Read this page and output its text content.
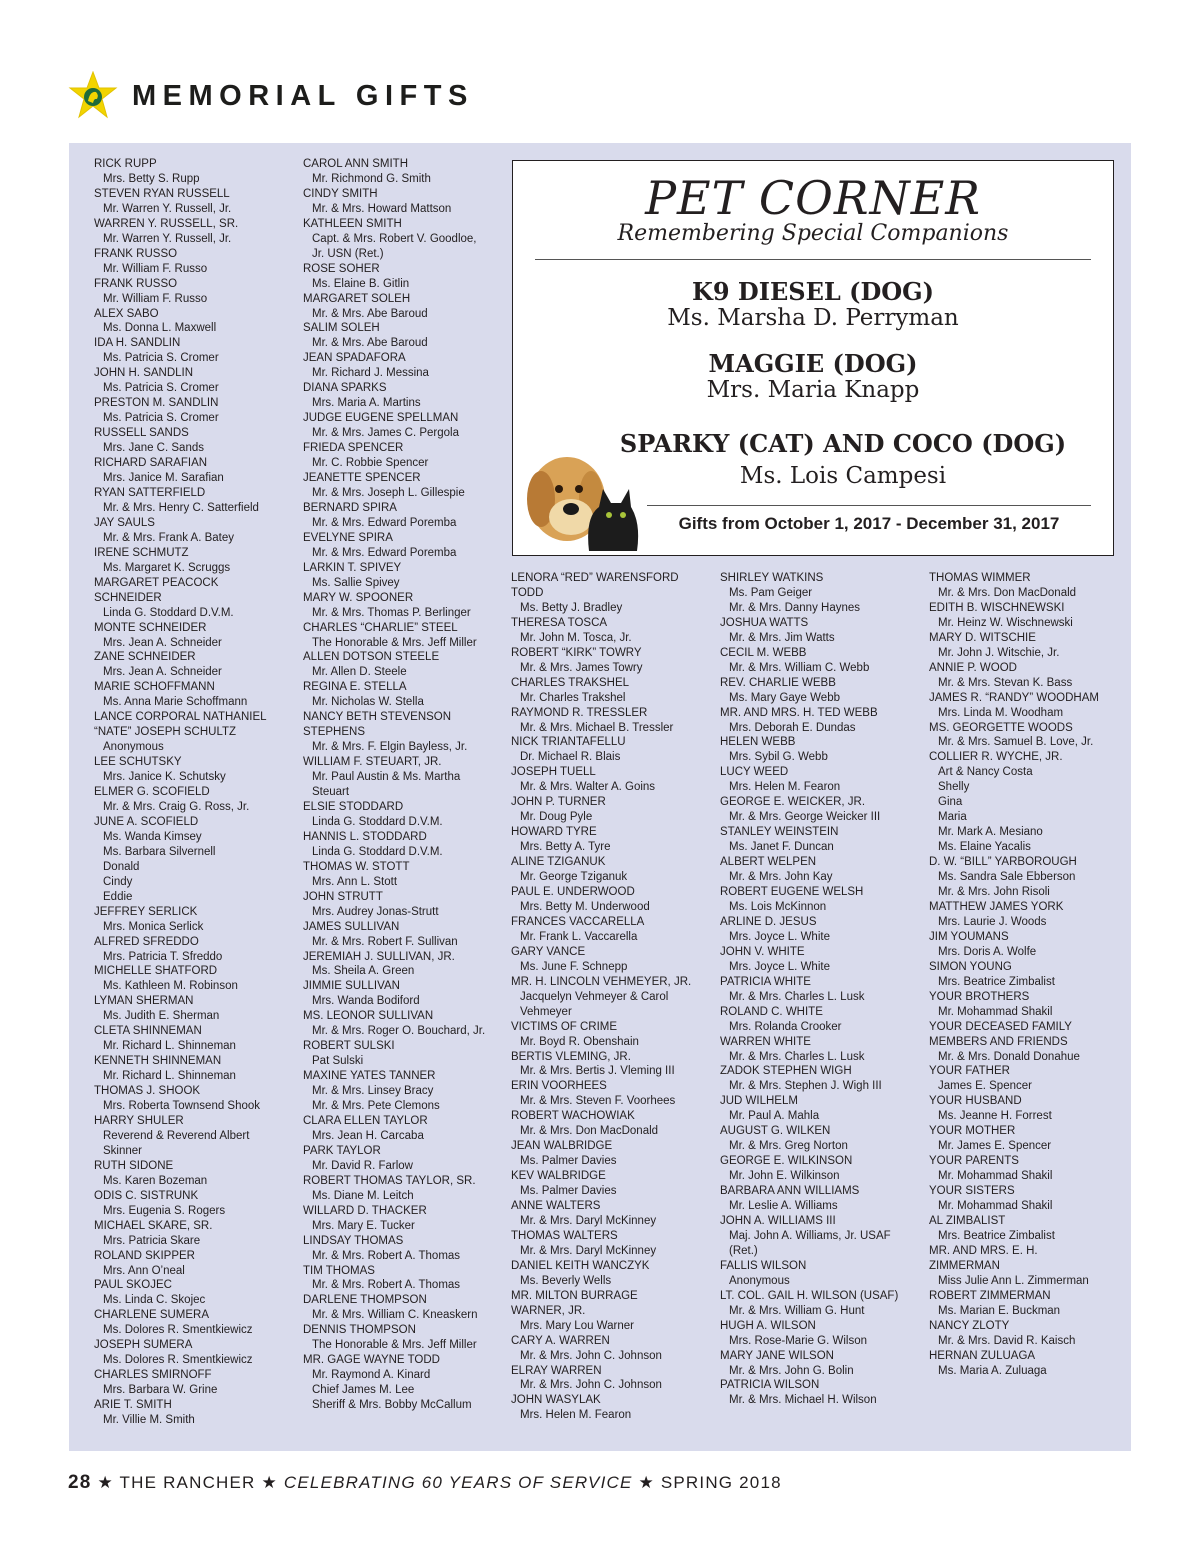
MEMORIAL GIFTS
RICK RUPP
Mrs. Betty S. Rupp
STEVEN RYAN RUSSELL
Mr. Warren Y. Russell, Jr.
WARREN Y. RUSSELL, SR.
Mr. Warren Y. Russell, Jr.
FRANK RUSSO
Mr. William F. Russo
FRANK RUSSO
Mr. William F. Russo
ALEX SABO
Ms. Donna L. Maxwell
IDA H. SANDLIN
Ms. Patricia S. Cromer
JOHN H. SANDLIN
Ms. Patricia S. Cromer
PRESTON M. SANDLIN
Ms. Patricia S. Cromer
RUSSELL SANDS
Mrs. Jane C. Sands
RICHARD SARAFIAN
Mrs. Janice M. Sarafian
RYAN SATTERFIELD
Mr. & Mrs. Henry C. Satterfield
JAY SAULS
Mr. & Mrs. Frank A. Batey
IRENE SCHMUTZ
Ms. Margaret K. Scruggs
MARGARET PEACOCK
SCHNEIDER
Linda G. Stoddard D.V.M.
MONTE SCHNEIDER
Mrs. Jean A. Schneider
ZANE SCHNEIDER
Mrs. Jean A. Schneider
MARIE SCHOFFMANN
Ms. Anna Marie Schoffmann
LANCE CORPORAL NATHANIEL
“NATE” JOSEPH SCHULTZ
Anonymous
LEE SCHUTSKY
Mrs. Janice K. Schutsky
ELMER G. SCOFIELD
Mr. & Mrs. Craig G. Ross, Jr.
JUNE A. SCOFIELD
Ms. Wanda Kimsey
Ms. Barbara Silvernell
Donald
Cindy
Eddie
JEFFREY SERLICK
Mrs. Monica Serlick
ALFRED SFREDDO
Mrs. Patricia T. Sfreddo
MICHELLE SHATFORD
Ms. Kathleen M. Robinson
LYMAN SHERMAN
Ms. Judith E. Sherman
CLETA SHINNEMAN
Mr. Richard L. Shinneman
KENNETH SHINNEMAN
Mr. Richard L. Shinneman
THOMAS J. SHOOK
Mrs. Roberta Townsend Shook
HARRY SHULER
Reverend & Reverend Albert
Skinner
RUTH SIDONE
Ms. Karen Bozeman
ODIS C. SISTRUNK
Mrs. Eugenia S. Rogers
MICHAEL SKARE, SR.
Mrs. Patricia Skare
ROLAND SKIPPER
Mrs. Ann O’neal
PAUL SKOJEC
Ms. Linda C. Skojec
CHARLENE SUMERA
Ms. Dolores R. Smentkiewicz
JOSEPH SUMERA
Ms. Dolores R. Smentkiewicz
CHARLES SMIRNOFF
Mrs. Barbara W. Grine
ARIE T. SMITH
Mr. Villie M. Smith
CAROL ANN SMITH
Mr. Richmond G. Smith
CINDY SMITH
Mr. & Mrs. Howard Mattson
KATHLEEN SMITH
Capt. & Mrs. Robert V. Goodloe,
Jr. USN (Ret.)
ROSE SOHER
Ms. Elaine B. Gitlin
MARGARET SOLEH
Mr. & Mrs. Abe Baroud
SALIM SOLEH
Mr. & Mrs. Abe Baroud
JEAN SPADAFORA
Mr. Richard J. Messina
DIANA SPARKS
Mrs. Maria A. Martins
JUDGE EUGENE SPELLMAN
Mr. & Mrs. James C. Pergola
FRIEDA SPENCER
Mr. C. Robbie Spencer
JEANETTE SPENCER
Mr. & Mrs. Joseph L. Gillespie
BERNARD SPIRA
Mr. & Mrs. Edward Poremba
EVELYNE SPIRA
Mr. & Mrs. Edward Poremba
LARKIN T. SPIVEY
Ms. Sallie Spivey
MARY W. SPOONER
Mr. & Mrs. Thomas P. Berlinger
CHARLES “CHARLIE” STEEL
The Honorable & Mrs. Jeff Miller
ALLEN DOTSON STEELE
Mr. Allen D. Steele
REGINA E. STELLA
Mr. Nicholas W. Stella
NANCY BETH STEVENSON
STEPHENS
Mr. & Mrs. F. Elgin Bayless, Jr.
WILLIAM F. STEUART, JR.
Mr. Paul Austin & Ms. Martha
Steuart
ELSIE STODDARD
Linda G. Stoddard D.V.M.
HANNIS L. STODDARD
Linda G. Stoddard D.V.M.
THOMAS W. STOTT
Mrs. Ann L. Stott
JOHN STRUTT
Mrs. Audrey Jonas-Strutt
JAMES SULLIVAN
Mr. & Mrs. Robert F. Sullivan
JEREMIAH J. SULLIVAN, JR.
Ms. Sheila A. Green
JIMMIE SULLIVAN
Mrs. Wanda Bodiford
MS. LEONOR SULLIVAN
Mr. & Mrs. Roger O. Bouchard, Jr.
ROBERT SULSKI
Pat Sulski
MAXINE YATES TANNER
Mr. & Mrs. Linsey Bracy
Mr. & Mrs. Pete Clemons
CLARA ELLEN TAYLOR
Mrs. Jean H. Carcaba
PARK TAYLOR
Mr. David R. Farlow
ROBERT THOMAS TAYLOR, SR.
Ms. Diane M. Leitch
WILLARD D. THACKER
Mrs. Mary E. Tucker
LINDSAY THOMAS
Mr. & Mrs. Robert A. Thomas
TIM THOMAS
Mr. & Mrs. Robert A. Thomas
DARLENE THOMPSON
Mr. & Mrs. William C. Kneaskern
DENNIS THOMPSON
The Honorable & Mrs. Jeff Miller
MR. GAGE WAYNE TODD
Mr. Raymond A. Kinard
Chief James M. Lee
Sheriff & Mrs. Bobby McCallum
LENORA “RED” WARENSFORD
TODD
Ms. Betty J. Bradley
THERESA TOSCA
Mr. John M. Tosca, Jr.
ROBERT “KIRK” TOWRY
Mr. & Mrs. James Towry
CHARLES TRAKSHEL
Mr. Charles Trakshel
RAYMOND R. TRESSLER
Mr. & Mrs. Michael B. Tressler
NICK TRIANTAFELLU
Dr. Michael R. Blais
JOSEPH TUELL
Mr. & Mrs. Walter A. Goins
JOHN P. TURNER
Mr. Doug Pyle
HOWARD TYRE
Mrs. Betty A. Tyre
ALINE TZIGANUK
Mr. George Tziganuk
PAUL E. UNDERWOOD
Mrs. Betty M. Underwood
FRANCES VACCARELLA
Mr. Frank L. Vaccarella
GARY VANCE
Ms. June F. Schnepp
MR. H. LINCOLN VEHMEYER, JR.
Jacquelyn Vehmeyer & Carol
Vehmeyer
VICTIMS OF CRIME
Mr. Boyd R. Obenshain
BERTIS VLEMING, JR.
Mr. & Mrs. Bertis J. Vleming III
ERIN VOORHEES
Mr. & Mrs. Steven F. Voorhees
ROBERT WACHOWIAK
Mr. & Mrs. Don MacDonald
JEAN WALBRIDGE
Ms. Palmer Davies
KEV WALBRIDGE
Ms. Palmer Davies
ANNE WALTERS
Mr. & Mrs. Daryl McKinney
THOMAS WALTERS
Mr. & Mrs. Daryl McKinney
DANIEL KEITH WANCZYK
Ms. Beverly Wells
MR. MILTON BURRAGE
WARNER, JR.
Mrs. Mary Lou Warner
CARY A. WARREN
Mr. & Mrs. John C. Johnson
ELRAY WARREN
Mr. & Mrs. John C. Johnson
JOHN WASYLAK
Mrs. Helen M. Fearon
SHIRLEY WATKINS
Ms. Pam Geiger
Mr. & Mrs. Danny Haynes
JOSHUA WATTS
Mr. & Mrs. Jim Watts
CECIL M. WEBB
Mr. & Mrs. William C. Webb
REV. CHARLIE WEBB
Ms. Mary Gaye Webb
MR. AND MRS. H. TED WEBB
Mrs. Deborah E. Dundas
HELEN WEBB
Mrs. Sybil G. Webb
LUCY WEED
Mrs. Helen M. Fearon
GEORGE E. WEICKER, JR.
Mr. & Mrs. George Weicker III
STANLEY WEINSTEIN
Ms. Janet F. Duncan
ALBERT WELPEN
Mr. & Mrs. John Kay
ROBERT EUGENE WELSH
Ms. Lois McKinnon
ARLINE D. JESUS
Mrs. Joyce L. White
JOHN V. WHITE
Mrs. Joyce L. White
PATRICIA WHITE
Mr. & Mrs. Charles L. Lusk
ROLAND C. WHITE
Mrs. Rolanda Crooker
WARREN WHITE
Mr. & Mrs. Charles L. Lusk
ZADOK STEPHEN WIGH
Mr. & Mrs. Stephen J. Wigh III
JUD WILHELM
Mr. Paul A. Mahla
AUGUST G. WILKEN
Mr. & Mrs. Greg Norton
GEORGE E. WILKINSON
Mr. John E. Wilkinson
BARBARA ANN WILLIAMS
Mr. Leslie A. Williams
JOHN A. WILLIAMS III
Maj. John A. Williams, Jr. USAF
(Ret.)
FALLIS WILSON
Anonymous
LT. COL. GAIL H. WILSON (USAF)
Mr. & Mrs. William G. Hunt
HUGH A. WILSON
Mrs. Rose-Marie G. Wilson
MARY JANE WILSON
Mr. & Mrs. John G. Bolin
PATRICIA WILSON
Mr. & Mrs. Michael H. Wilson
THOMAS WIMMER
Mr. & Mrs. Don MacDonald
EDITH B. WISCHNEWSKI
Mr. Heinz W. Wischnewski
MARY D. WITSCHIE
Mr. John J. Witschie, Jr.
ANNIE P. WOOD
Mr. & Mrs. Stevan K. Bass
JAMES R. “RANDY” WOODHAM
Mrs. Linda M. Woodham
MS. GEORGETTE WOODS
Mr. & Mrs. Samuel B. Love, Jr.
COLLIER R. WYCHE, JR.
Art & Nancy Costa
Shelly
Gina
Maria
Mr. Mark A. Mesiano
Ms. Elaine Yacalis
D. W. “BILL” YARBOROUGH
Ms. Sandra Sale Ebberson
Mr. & Mrs. John Risoli
MATTHEW JAMES YORK
Mrs. Laurie J. Woods
JIM YOUMANS
Mrs. Doris A. Wolfe
SIMON YOUNG
Mrs. Beatrice Zimbalist
YOUR BROTHERS
Mr. Mohammad Shakil
YOUR DECEASED FAMILY
MEMBERS AND FRIENDS
Mr. & Mrs. Donald Donahue
YOUR FATHER
James E. Spencer
YOUR HUSBAND
Ms. Jeanne H. Forrest
YOUR MOTHER
Mr. James E. Spencer
YOUR PARENTS
Mr. Mohammad Shakil
YOUR SISTERS
Mr. Mohammad Shakil
AL ZIMBALIST
Mrs. Beatrice Zimbalist
MR. AND MRS. E. H.
ZIMMERMAN
Miss Julie Ann L. Zimmerman
ROBERT ZIMMERMAN
Ms. Marian E. Buckman
NANCY ZLOTY
Mr. & Mrs. David R. Kaisch
HERNAN ZULUAGA
Ms. Maria A. Zuluaga
PET CORNER
Remembering Special Companions
K9 DIESEL (DOG)
Ms. Marsha D. Perryman
MAGGIE (DOG)
Mrs. Maria Knapp
SPARKY (CAT) AND COCO (DOG)
Ms. Lois Campesi
Gifts from October 1, 2017 - December 31, 2017
28 ★ THE RANCHER ★ CELEBRATING 60 YEARS OF SERVICE ★ SPRING 2018
